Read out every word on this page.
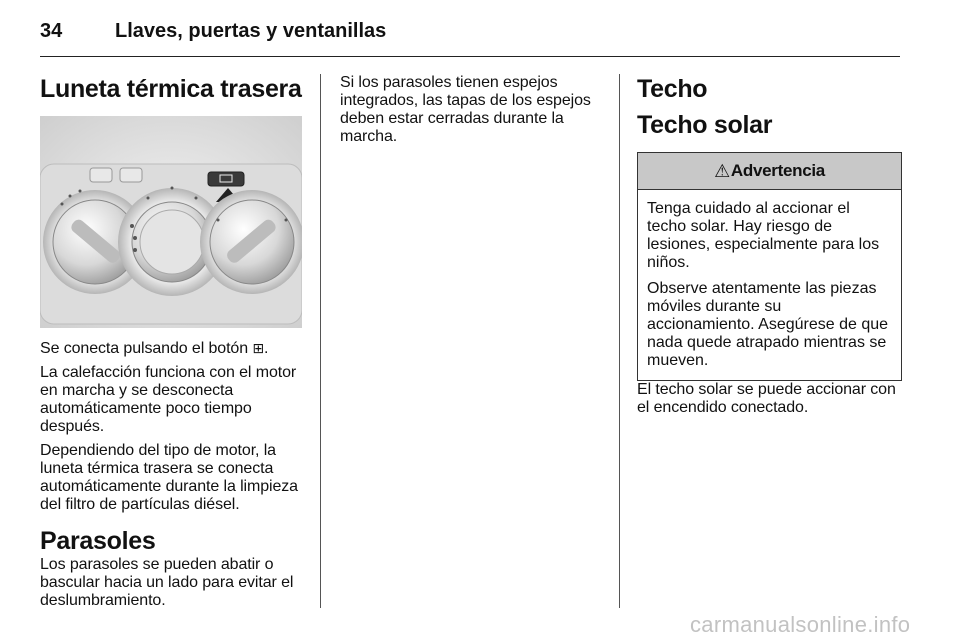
34	Llaves, puertas y ventanillas
Luneta térmica trasera

Se conecta pulsando el botón ⊞.

La calefacción funciona con el motor en marcha y se desconecta automáticamente poco tiempo después.

Dependiendo del tipo de motor, la luneta térmica trasera se conecta automáticamente durante la limpieza del filtro de partículas diésel.

Parasoles

Los parasoles se pueden abatir o bascular hacia un lado para evitar el deslumbramiento.

Si los parasoles tienen espejos integrados, las tapas de los espejos deben estar cerradas durante la marcha.

Techo
Techo solar
⚠ Advertencia

Tenga cuidado al accionar el techo solar. Hay riesgo de lesiones, especialmente para los niños.

Observe atentamente las piezas móviles durante su accionamiento. Asegúrese de que nada quede atrapado mientras se mueven.

El techo solar se puede accionar con el encendido conectado.

carmanualsonline.info
